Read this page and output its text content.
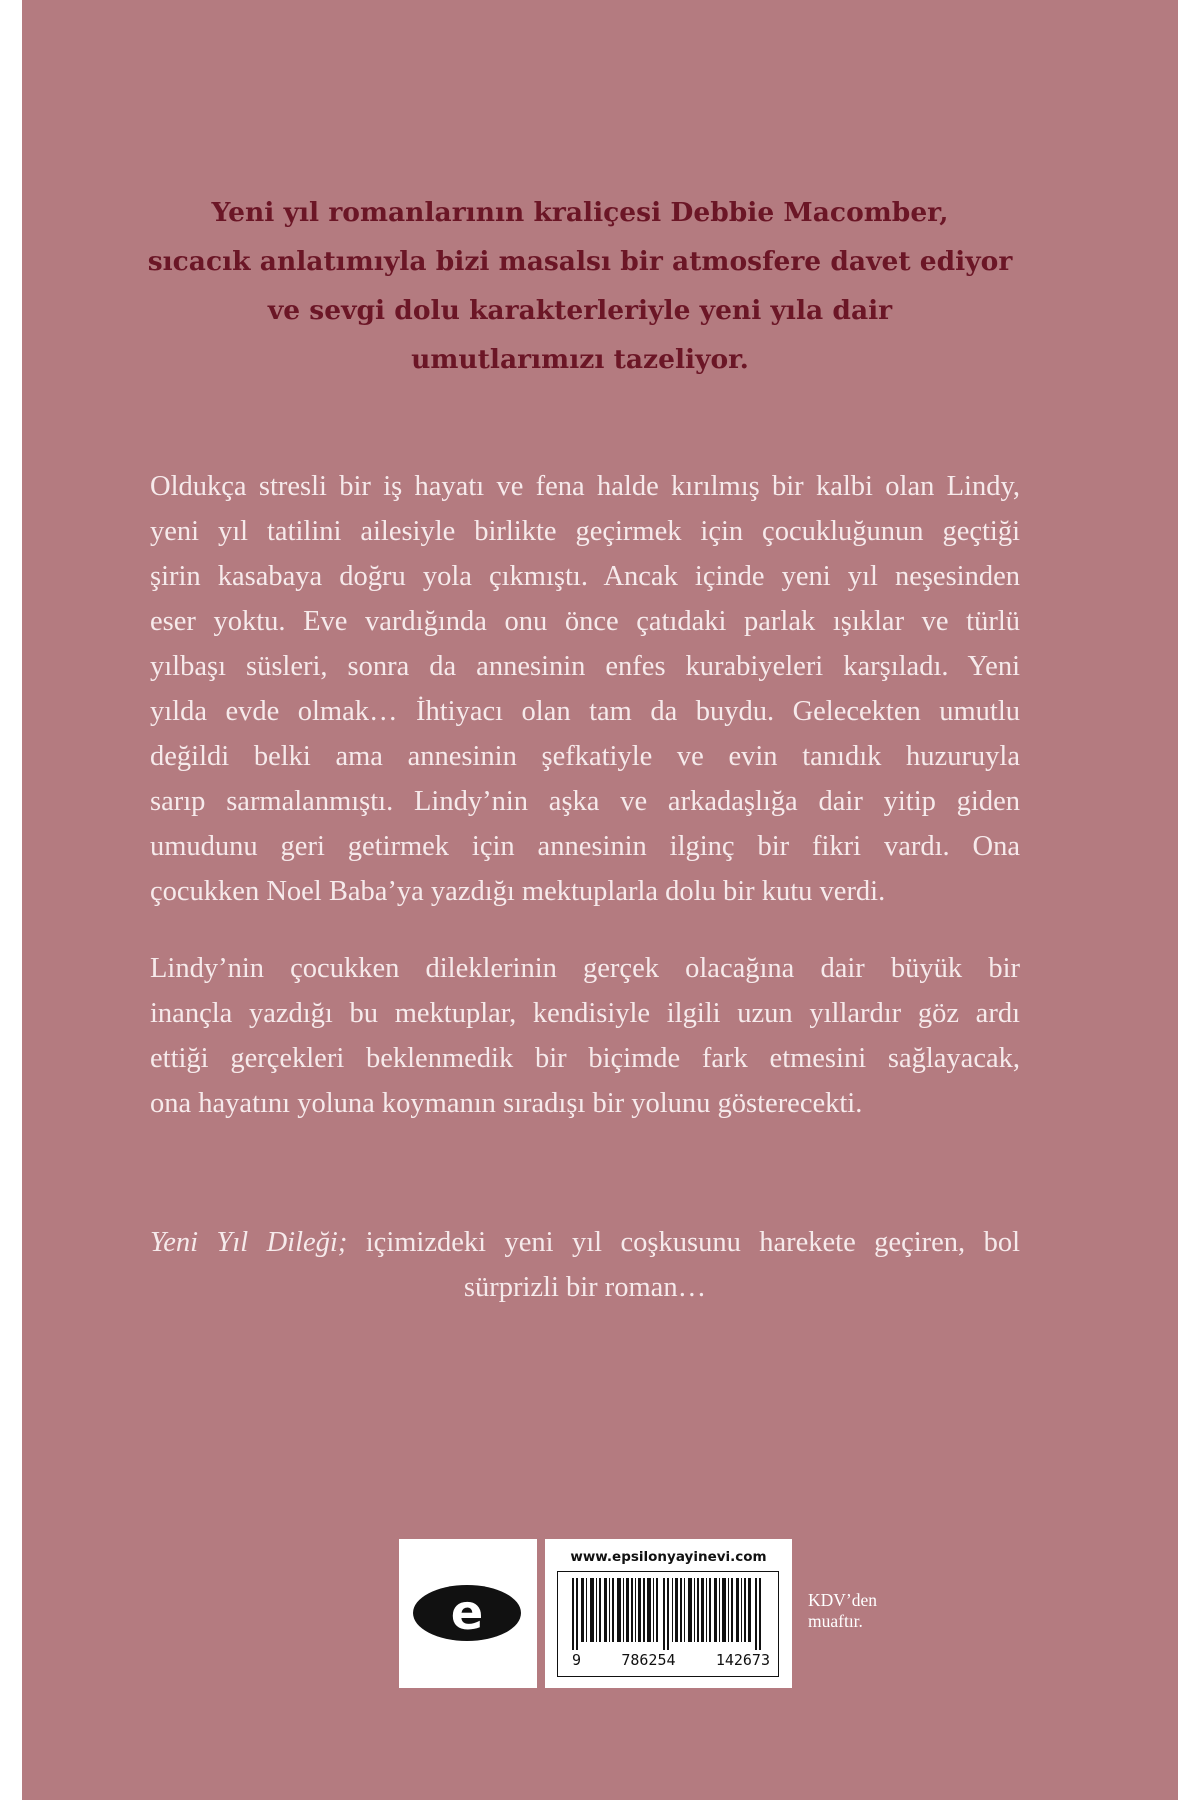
Yeni yıl romanlarının kraliçesi Debbie Macomber,
sıcacık anlatımıyla bizi masalsı bir atmosfere davet ediyor
ve sevgi dolu karakterleriyle yeni yıla dair
umutlarımızı tazeliyor.
Oldukça stresli bir iş hayatı ve fena halde kırılmış bir kalbi olan Lindy,
yeni yıl tatilini ailesiyle birlikte geçirmek için çocukluğunun geçtiği
şirin kasabaya doğru yola çıkmıştı. Ancak içinde yeni yıl neşesinden
eser yoktu. Eve vardığında onu önce çatıdaki parlak ışıklar ve türlü
yılbaşı süsleri, sonra da annesinin enfes kurabiyeleri karşıladı. Yeni
yılda evde olmak… İhtiyacı olan tam da buydu. Gelecekten umutlu
değildi belki ama annesinin şefkatiyle ve evin tanıdık huzuruyla
sarıp sarmalanmıştı. Lindy’nin aşka ve arkadaşlığa dair yitip giden
umudunu geri getirmek için annesinin ilginç bir fikri vardı. Ona
çocukken Noel Baba’ya yazdığı mektuplarla dolu bir kutu verdi.
Lindy’nin çocukken dileklerinin gerçek olacağına dair büyük bir
inançla yazdığı bu mektuplar, kendisiyle ilgili uzun yıllardır göz ardı
ettiği gerçekleri beklenmedik bir biçimde fark etmesini sağlayacak,
ona hayatını yoluna koymanın sıradışı bir yolunu gösterecekti.
Yeni Yıl Dileği; içimizdeki yeni yıl coşkusunu harekete geçiren, bol
sürprizli bir roman…
e
www.epsilonyayinevi.com
9	786254	142673
KDV’den
muaftır.
